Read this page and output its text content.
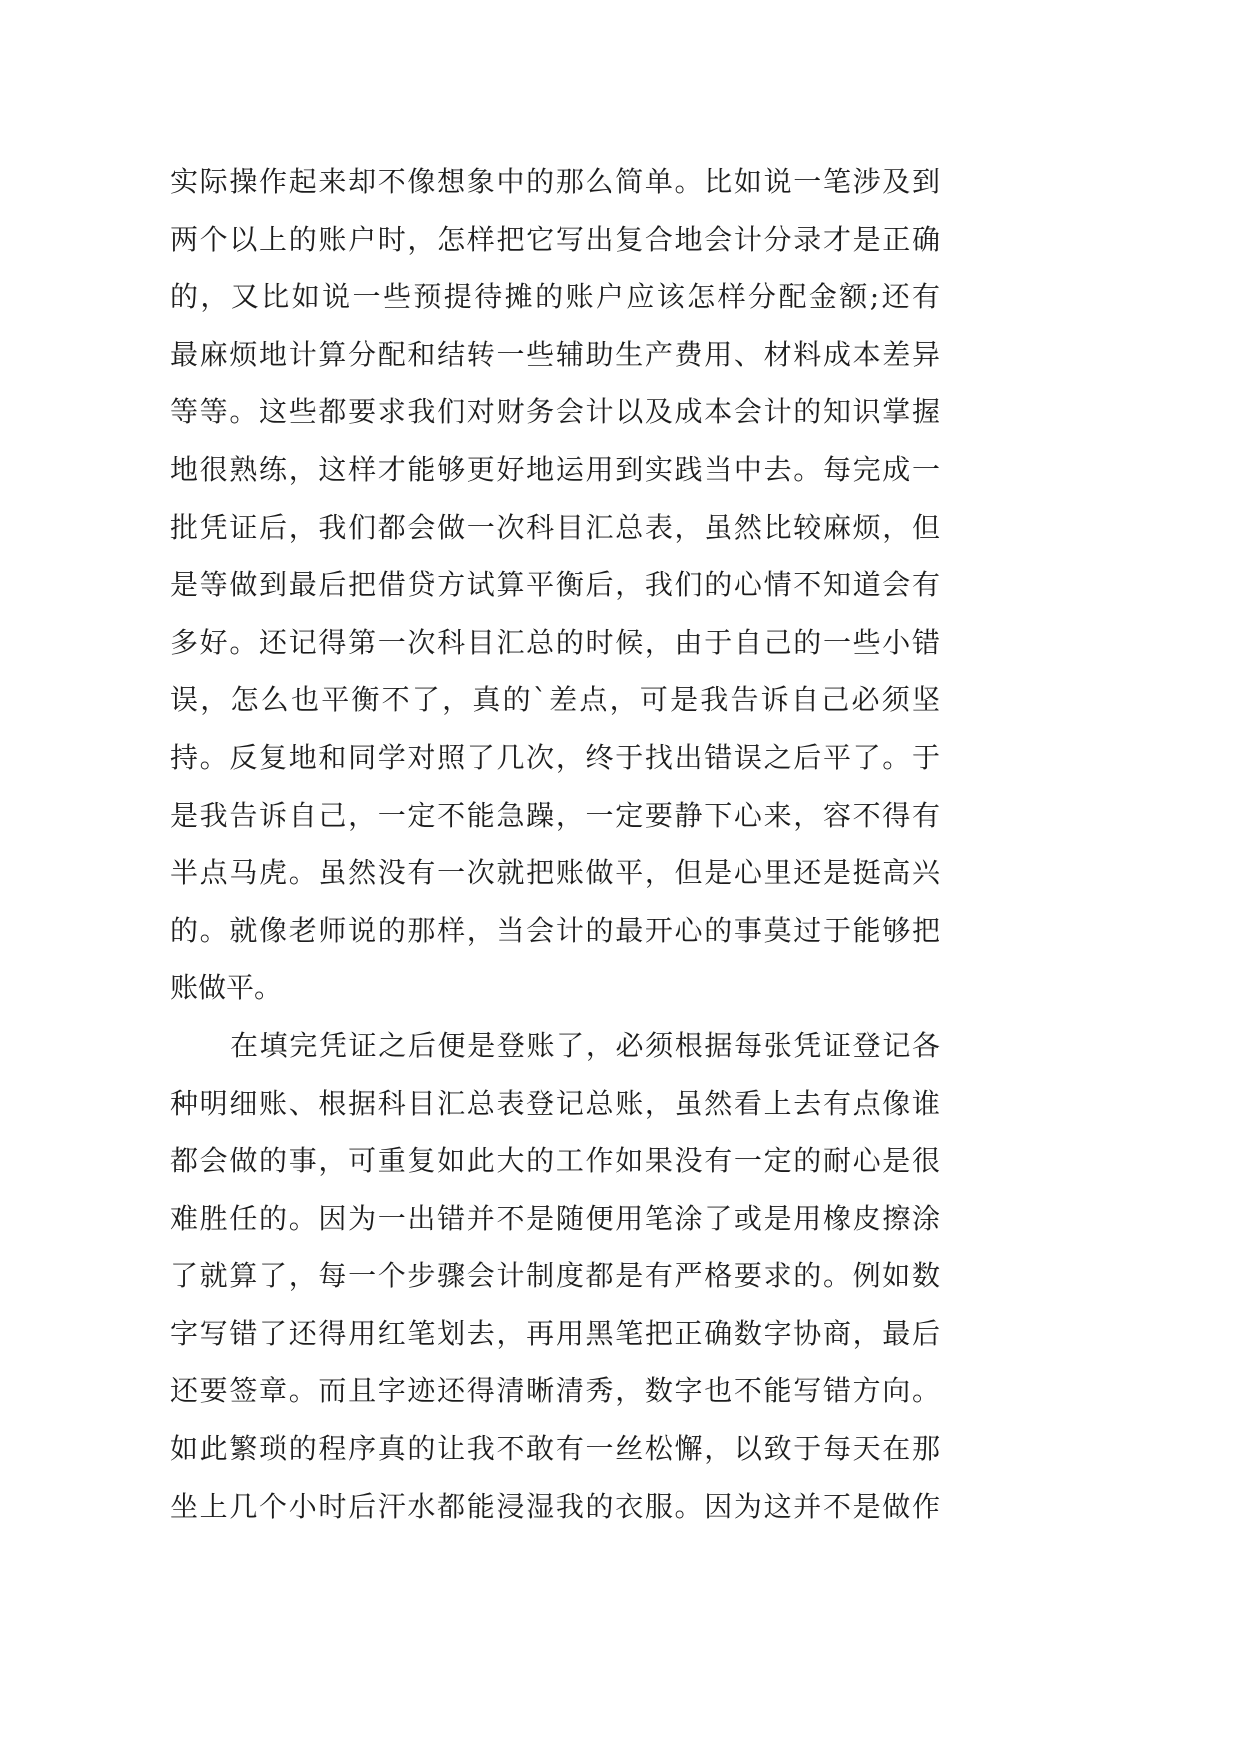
实际操作起来却不像想象中的那么简单。比如说一笔涉及到
两个以上的账户时，怎样把它写出复合地会计分录才是正确
的，又比如说一些预提待摊的账户应该怎样分配金额;还有
最麻烦地计算分配和结转一些辅助生产费用、材料成本差异
等等。这些都要求我们对财务会计以及成本会计的知识掌握
地很熟练，这样才能够更好地运用到实践当中去。每完成一
批凭证后，我们都会做一次科目汇总表，虽然比较麻烦，但
是等做到最后把借贷方试算平衡后，我们的心情不知道会有
多好。还记得第一次科目汇总的时候，由于自己的一些小错
误，怎么也平衡不了，真的`差点，可是我告诉自己必须坚
持。反复地和同学对照了几次，终于找出错误之后平了。于
是我告诉自己，一定不能急躁，一定要静下心来，容不得有
半点马虎。虽然没有一次就把账做平，但是心里还是挺高兴
的。就像老师说的那样，当会计的最开心的事莫过于能够把
账做平。
在填完凭证之后便是登账了，必须根据每张凭证登记各
种明细账、根据科目汇总表登记总账，虽然看上去有点像谁
都会做的事，可重复如此大的工作如果没有一定的耐心是很
难胜任的。因为一出错并不是随便用笔涂了或是用橡皮擦涂
了就算了，每一个步骤会计制度都是有严格要求的。例如数
字写错了还得用红笔划去，再用黑笔把正确数字协商，最后
还要签章。而且字迹还得清晰清秀，数字也不能写错方向。
如此繁琐的程序真的让我不敢有一丝松懈，以致于每天在那
坐上几个小时后汗水都能浸湿我的衣服。因为这并不是做作
